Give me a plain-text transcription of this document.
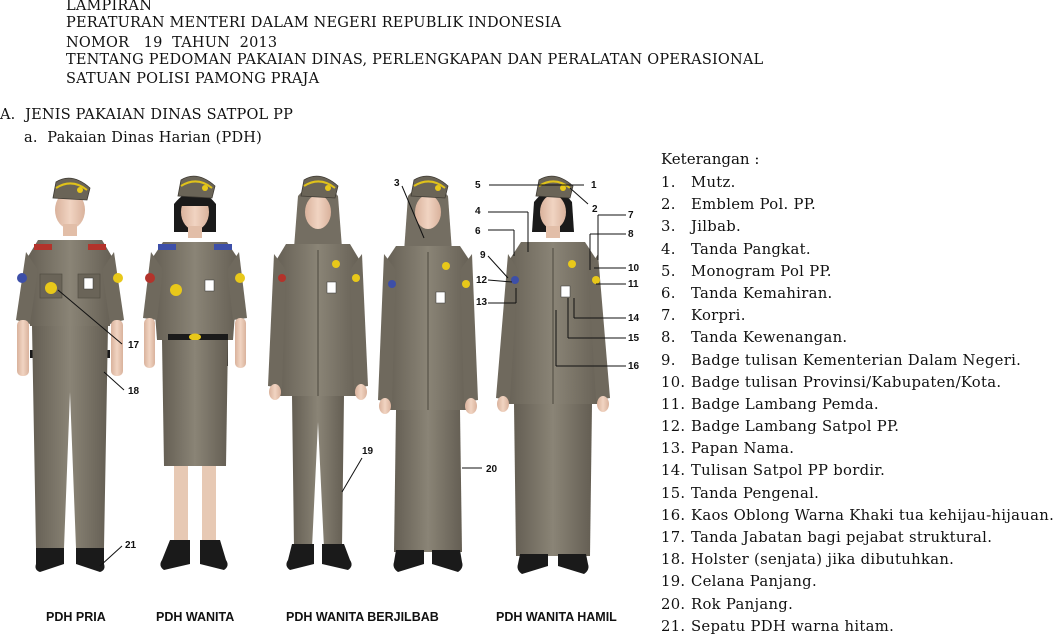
LAMPIRAN
PERATURAN MENTERI DALAM NEGERI REPUBLIK INDONESIA
NOMOR   19  TAHUN  2013
TENTANG PEDOMAN PAKAIAN DINAS, PERLENGKAPAN DAN PERALATAN OPERASIONAL
SATUAN POLISI PAMONG PRAJA
A.  JENIS PAKAIAN DINAS SATPOL PP
a.  Pakaian Dinas Harian (PDH)
Keterangan :
1. Mutz.
2. Emblem Pol. PP.
3. Jilbab.
4. Tanda Pangkat.
5. Monogram Pol PP.
6. Tanda Kemahiran.
7. Korpri.
8. Tanda Kewenangan.
9. Badge tulisan Kementerian Dalam Negeri.
10. Badge tulisan Provinsi/Kabupaten/Kota.
11. Badge Lambang Pemda.
12. Badge Lambang Satpol PP.
13. Papan Nama.
14. Tulisan Satpol PP bordir.
15. Tanda Pengenal.
16. Kaos Oblong Warna Khaki tua kehijau-hijauan.
17. Tanda Jabatan bagi pejabat struktural.
18. Holster (senjata) jika dibutuhkan.
19. Celana Panjang.
20. Rok Panjang.
21. Sepatu PDH warna hitam.
5	1
2
3
4
6
7
8
9
10
11
12
13
14
15
16
17
18
19
20
21
PDH PRIA	PDH WANITA	PDH WANITA BERJILBAB	PDH WANITA HAMIL
